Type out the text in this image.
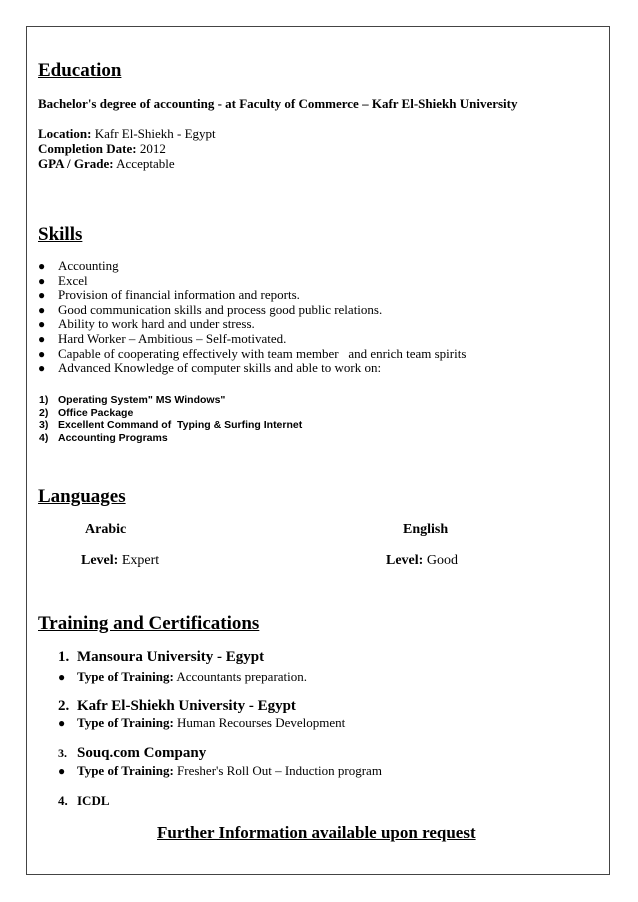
Education
Bachelor's degree of accounting - at Faculty of Commerce – Kafr El-Shiekh University
Location: Kafr El-Shiekh - Egypt
Completion Date: 2012
GPA / Grade: Acceptable
Skills
● Accounting
● Excel
● Provision of financial information and reports.
● Good communication skills and process good public relations.
● Ability to work hard and under stress.
● Hard Worker – Ambitious – Self-motivated.
● Capable of cooperating effectively with team member   and enrich team spirits
● Advanced Knowledge of computer skills and able to work on:
1) Operating System" MS Windows"
2) Office Package
3) Excellent Command of  Typing & Surfing Internet
4) Accounting Programs
Languages
Arabic	English
Level: Expert	Level: Good
Training and Certifications
1. Mansoura University - Egypt
● Type of Training: Accountants preparation.
2. Kafr El-Shiekh University - Egypt
● Type of Training: Human Recourses Development
3. Souq.com Company
● Type of Training: Fresher's Roll Out – Induction program
4. ICDL
Further Information available upon request
